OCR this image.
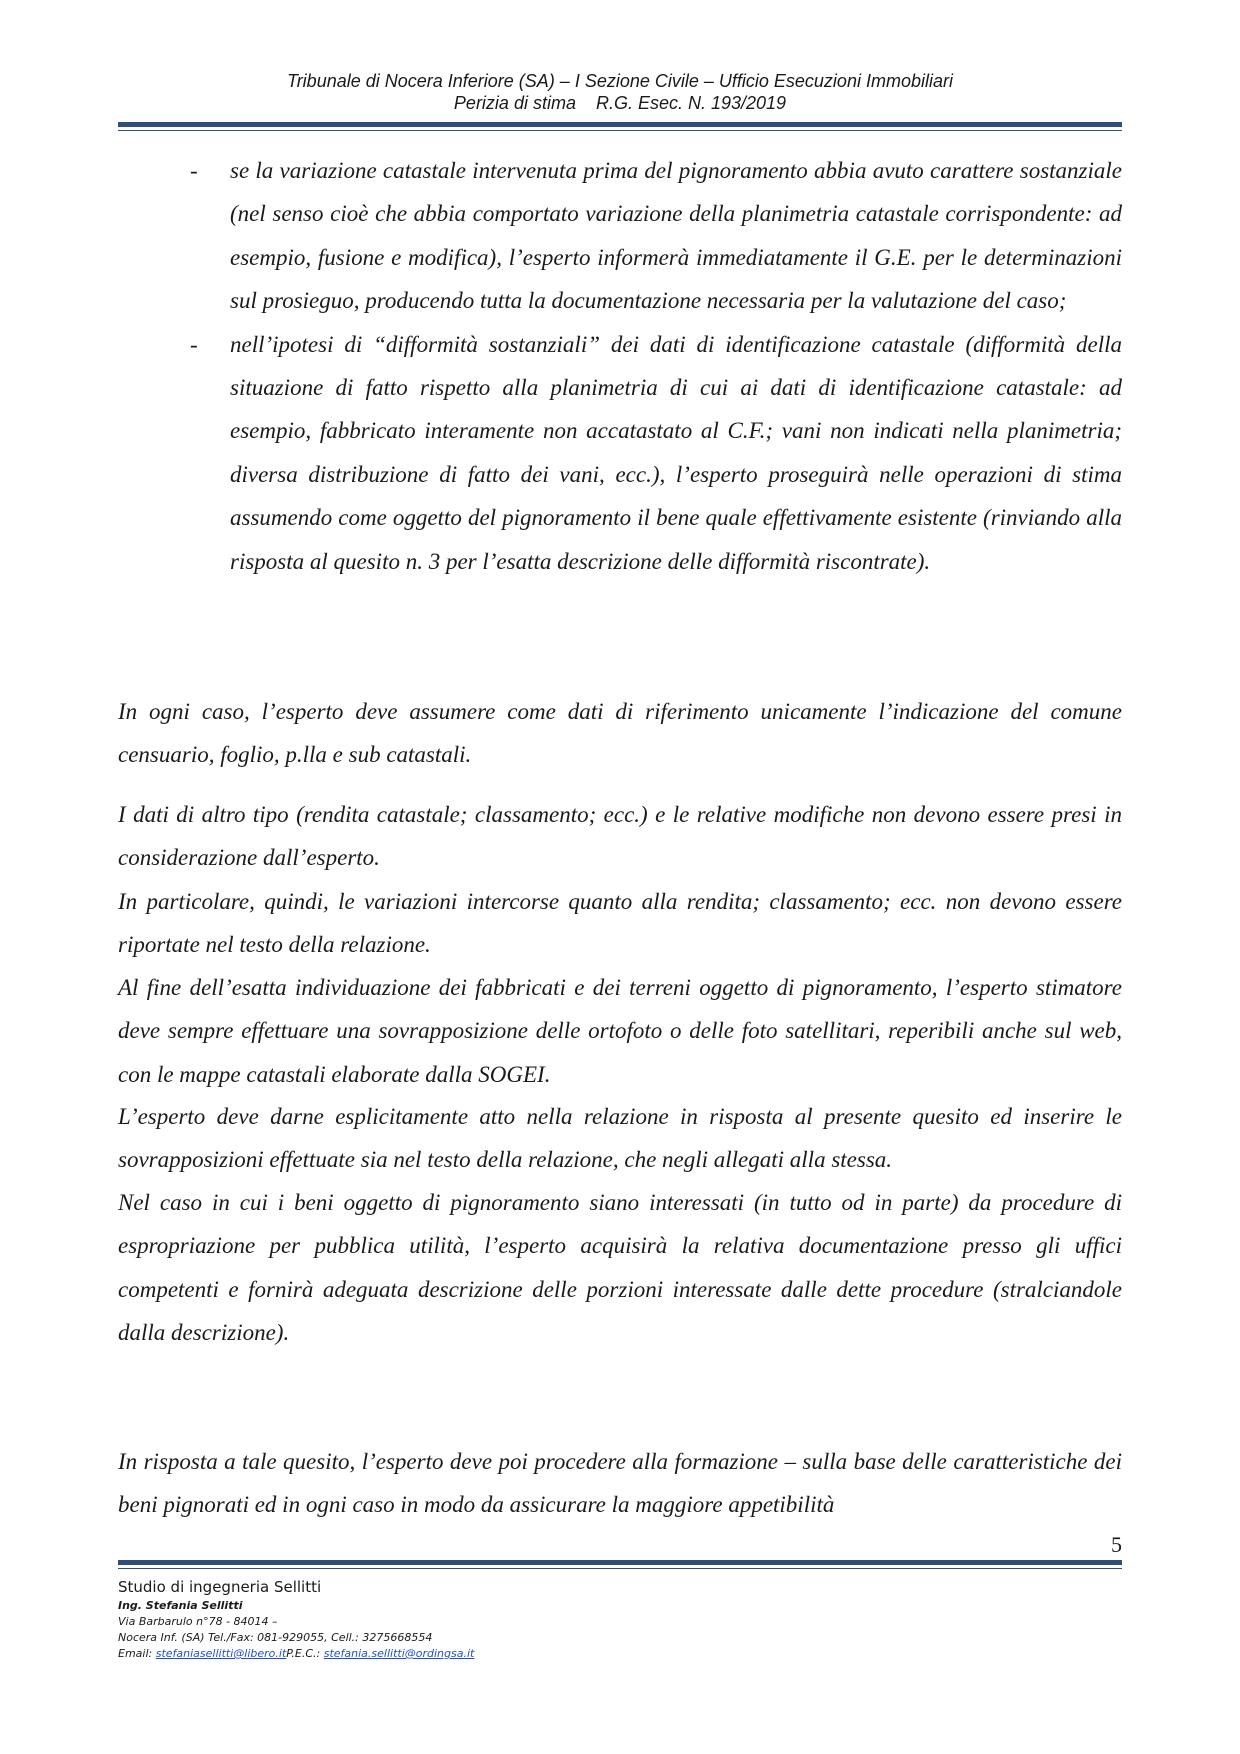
Tribunale di Nocera Inferiore (SA) – I Sezione Civile – Ufficio Esecuzioni Immobiliari
Perizia di stima    R.G. Esec. N. 193/2019
- se la variazione catastale intervenuta prima del pignoramento abbia avuto carattere sostanziale (nel senso cioè che abbia comportato variazione della planimetria catastale corrispondente: ad esempio, fusione e modifica), l’esperto informerà immediatamente il G.E. per le determinazioni sul prosieguo, producendo tutta la documentazione necessaria per la valutazione del caso;
- nell’ipotesi di “difformità sostanziali” dei dati di identificazione catastale (difformità della situazione di fatto rispetto alla planimetria di cui ai dati di identificazione catastale: ad esempio, fabbricato interamente non accatastato al C.F.; vani non indicati nella planimetria; diversa distribuzione di fatto dei vani, ecc.), l’esperto proseguirà nelle operazioni di stima assumendo come oggetto del pignoramento il bene quale effettivamente esistente (rinviando alla risposta al quesito n. 3 per l’esatta descrizione delle difformità riscontrate).

In ogni caso, l’esperto deve assumere come dati di riferimento unicamente l’indicazione del comune censuario, foglio, p.lla e sub catastali.

I dati di altro tipo (rendita catastale; classamento; ecc.) e le relative modifiche non devono essere presi in considerazione dall’esperto.

In particolare, quindi, le variazioni intercorse quanto alla rendita; classamento; ecc. non devono essere riportate nel testo della relazione.

Al fine dell’esatta individuazione dei fabbricati e dei terreni oggetto di pignoramento, l’esperto stimatore deve sempre effettuare una sovrapposizione delle ortofoto o delle foto satellitari, reperibili anche sul web, con le mappe catastali elaborate dalla SOGEI.

L’esperto deve darne esplicitamente atto nella relazione in risposta al presente quesito ed inserire le sovrapposizioni effettuate sia nel testo della relazione, che negli allegati alla stessa.

Nel caso in cui i beni oggetto di pignoramento siano interessati (in tutto od in parte) da procedure di espropriazione per pubblica utilità, l’esperto acquisirà la relativa documentazione presso gli uffici competenti e fornirà adeguata descrizione delle porzioni interessate dalle dette procedure (stralciandole dalla descrizione).

In risposta a tale quesito, l’esperto deve poi procedere alla formazione – sulla base delle caratteristiche dei beni pignorati ed in ogni caso in modo da assicurare la maggiore appetibilità

5
Studio di ingegneria Sellitti
Ing. Stefania Sellitti
Via Barbarulo n°78 - 84014 –
Nocera Inf. (SA) Tel./Fax: 081-929055, Cell.: 3275668554
Email: stefaniasellitti@libero.itP.E.C.: stefania.sellitti@ordingsa.it
